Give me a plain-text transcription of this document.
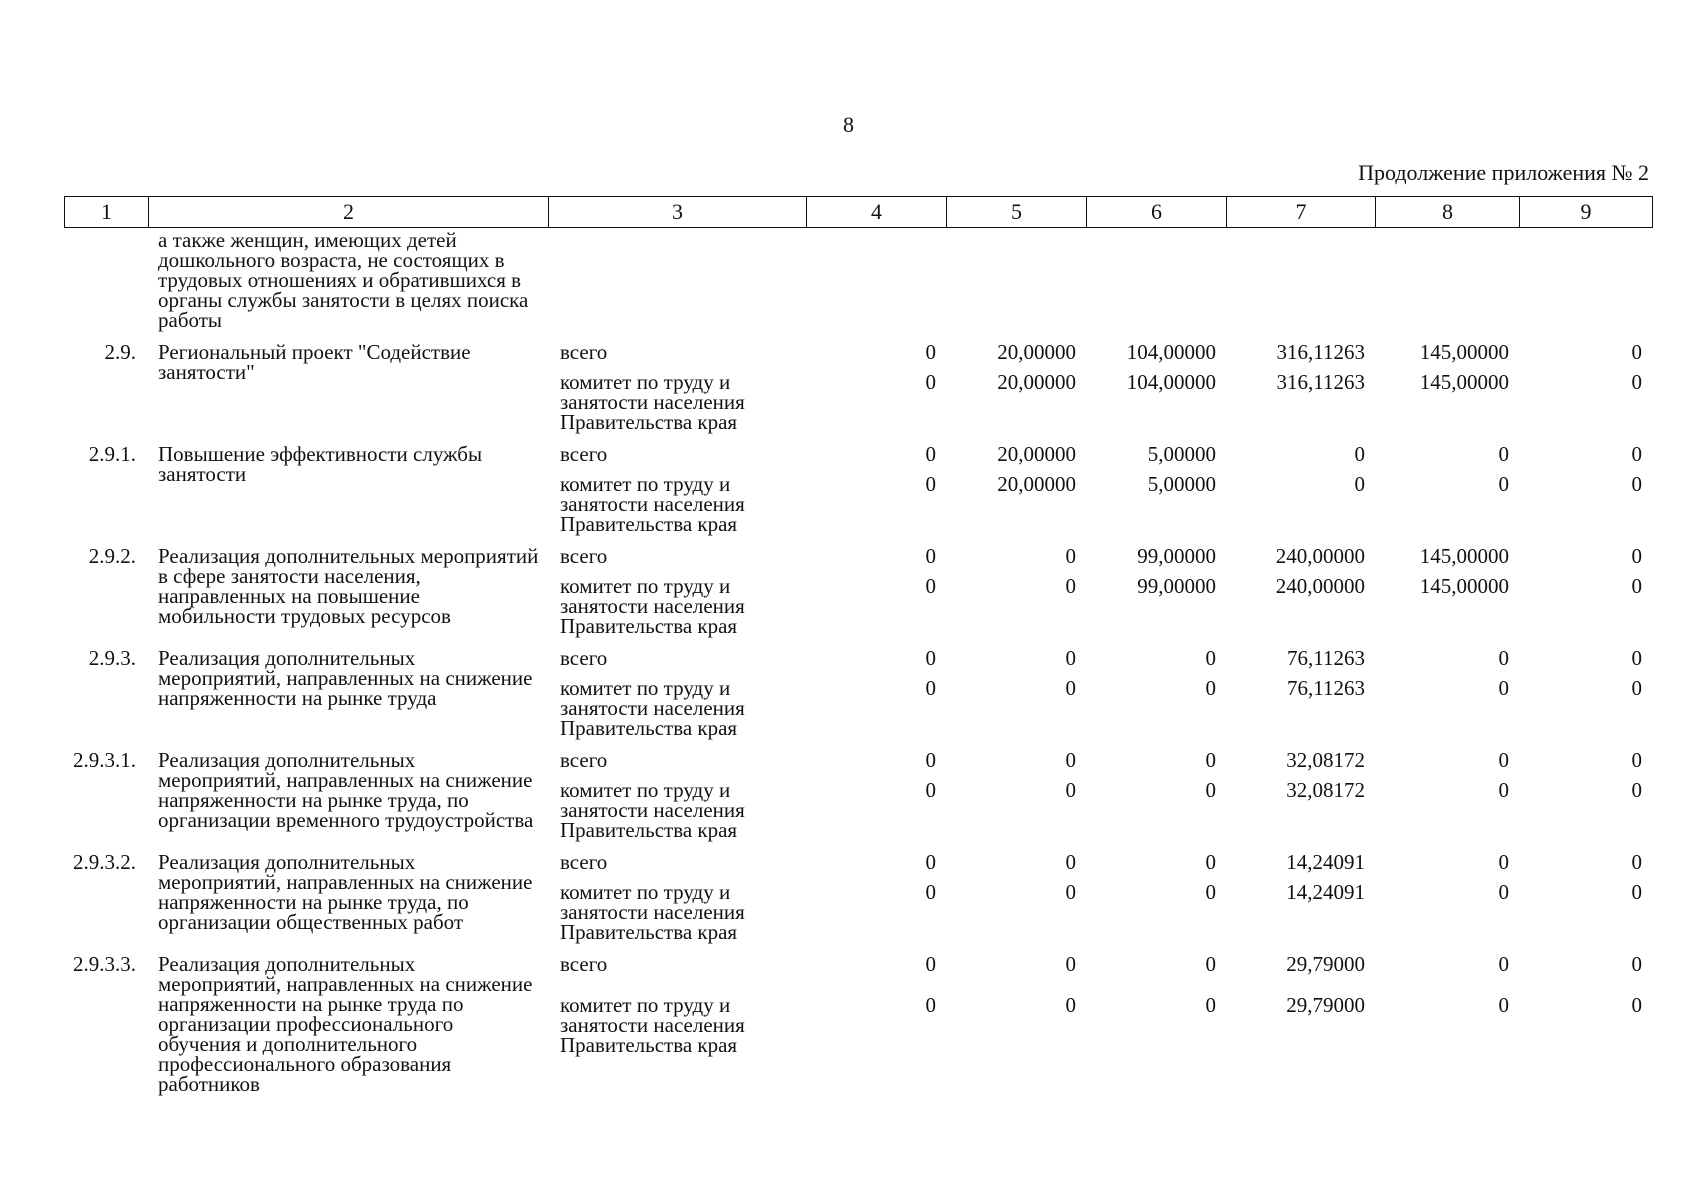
8
Продолжение приложения № 2
1	2	3	4	5	6	7	8	9
	а также женщин, имеющих детей дошкольного возраста, не состоящих в трудовых отношениях и обратившихся в органы службы занятости в целях поиска работы							

2.9.	Региональный проект "Содействие занятости"	всего	0	20,00000	104,00000	316,11263	145,00000	0
		комитет по труду и занятости населения Правительства края	0	20,00000	104,00000	316,11263	145,00000	0

2.9.1.	Повышение эффективности службы занятости	всего	0	20,00000	5,00000	0	0	0
		комитет по труду и занятости населения Правительства края	0	20,00000	5,00000	0	0	0

2.9.2.	Реализация дополнительных мероприятий в сфере занятости населения, направленных на повышение мобильности трудовых ресурсов	всего	0	0	99,00000	240,00000	145,00000	0
		комитет по труду и занятости населения Правительства края	0	0	99,00000	240,00000	145,00000	0

2.9.3.	Реализация дополнительных мероприятий, направленных на снижение напряженности на рынке труда	всего	0	0	0	76,11263	0	0
		комитет по труду и занятости населения Правительства края	0	0	0	76,11263	0	0

2.9.3.1.	Реализация дополнительных мероприятий, направленных на снижение напряженности на рынке труда, по организации временного трудоустройства	всего	0	0	0	32,08172	0	0
		комитет по труду и занятости населения Правительства края	0	0	0	32,08172	0	0

2.9.3.2.	Реализация дополнительных мероприятий, направленных на снижение напряженности на рынке труда, по организации общественных работ	всего	0	0	0	14,24091	0	0
		комитет по труду и занятости населения Правительства края	0	0	0	14,24091	0	0

2.9.3.3.	Реализация дополнительных мероприятий, направленных на снижение напряженности на рынке труда по организации профессионального обучения и дополнительного профессионального образования работников	всего	0	0	0	29,79000	0	0
		комитет по труду и занятости населения Правительства края	0	0	0	29,79000	0	0
